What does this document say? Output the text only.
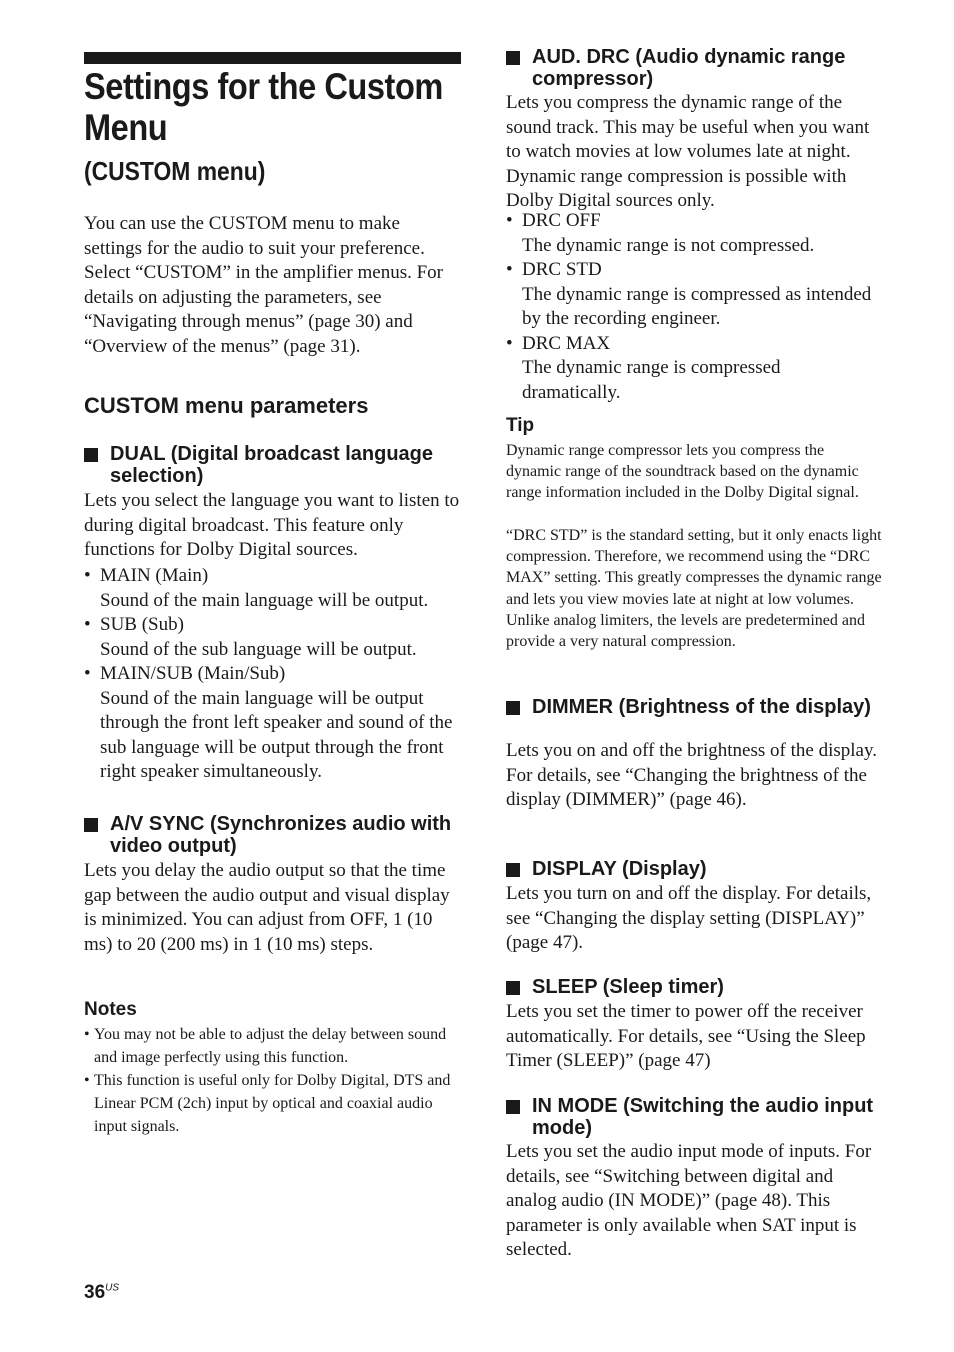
Settings for the Custom Menu
(CUSTOM menu)

You can use the CUSTOM menu to make settings for the audio to suit your preference. Select “CUSTOM” in the amplifier menus. For details on adjusting the parameters, see “Navigating through menus” (page 30) and “Overview of the menus” (page 31).

CUSTOM menu parameters
DUAL (Digital broadcast language selection)

Lets you select the language you want to listen to during digital broadcast. This feature only functions for Dolby Digital sources.

• MAIN (Main)
Sound of the main language will be output.
• SUB (Sub)
Sound of the sub language will be output.
• MAIN/SUB (Main/Sub)
Sound of the main language will be output through the front left speaker and sound of the sub language will be output through the front right speaker simultaneously.
A/V SYNC (Synchronizes audio with video output)

Lets you delay the audio output so that the time gap between the audio output and visual display is minimized. You can adjust from OFF, 1 (10 ms) to 20 (200 ms) in 1 (10 ms) steps.

Notes
• You may not be able to adjust the delay between sound and image perfectly using this function.
• This function is useful only for Dolby Digital, DTS and Linear PCM (2ch) input by optical and coaxial audio input signals.
AUD. DRC (Audio dynamic range compressor)

Lets you compress the dynamic range of the sound track. This may be useful when you want to watch movies at low volumes late at night. Dynamic range compression is possible with Dolby Digital sources only.

• DRC OFF
The dynamic range is not compressed.
• DRC STD
The dynamic range is compressed as intended by the recording engineer.
• DRC MAX
The dynamic range is compressed dramatically.
Tip

Dynamic range compressor lets you compress the dynamic range of the soundtrack based on the dynamic range information included in the Dolby Digital signal.

“DRC STD” is the standard setting, but it only enacts light compression. Therefore, we recommend using the “DRC MAX” setting. This greatly compresses the dynamic range and lets you view movies late at night at low volumes. Unlike analog limiters, the levels are predetermined and provide a very natural compression.

DIMMER (Brightness of the display)

Lets you on and off the brightness of the display. For details, see “Changing the brightness of the display (DIMMER)” (page 46).

DISPLAY (Display)

Lets you turn on and off the display. For details, see “Changing the display setting (DISPLAY)” (page 47).

SLEEP (Sleep timer)

Lets you set the timer to power off the receiver automatically. For details, see “Using the Sleep Timer (SLEEP)” (page 47)

IN MODE (Switching the audio input mode)

Lets you set the audio input mode of inputs. For details, see “Switching between digital and analog audio (IN MODE)” (page 48). This parameter is only available when SAT input is selected.

$36^{US}$
